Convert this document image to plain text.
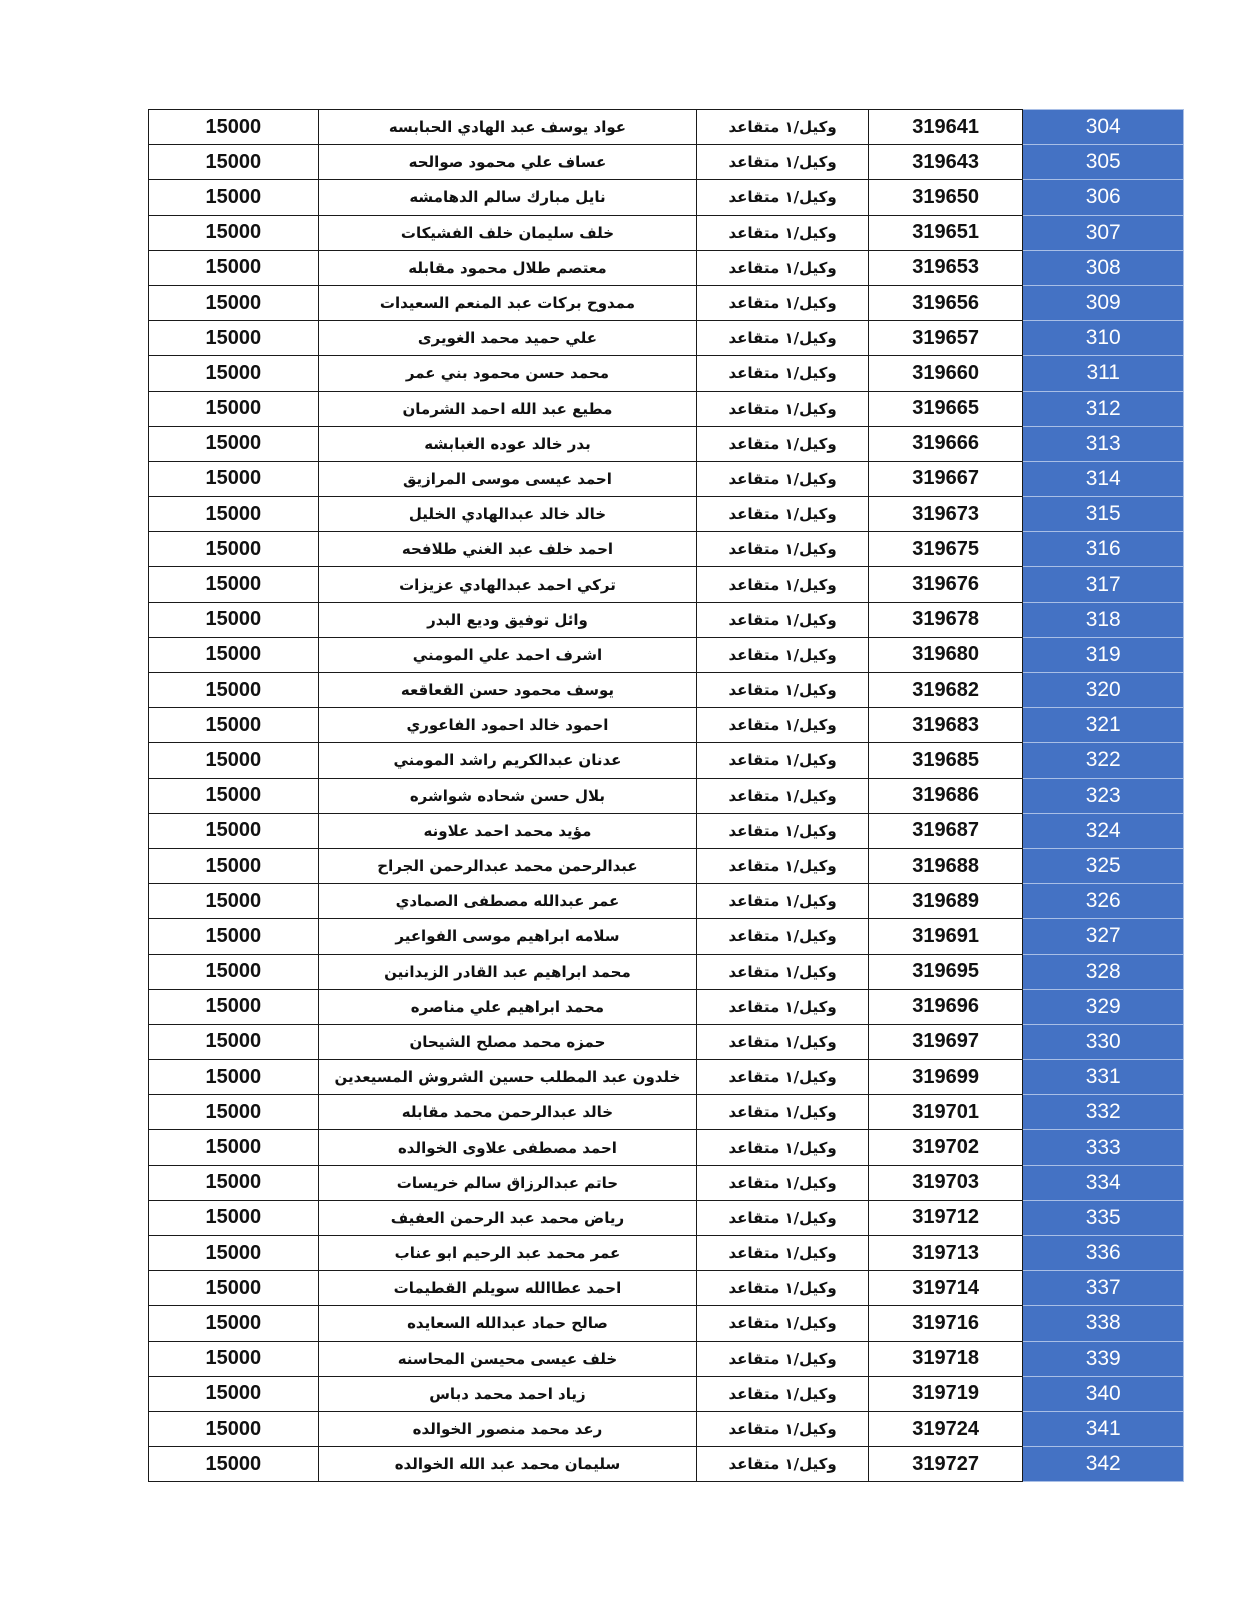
15000	عواد يوسف عبد الهادي الحبابسه	وكيل/١ متقاعد	319641	304
15000	عساف علي محمود صوالحه	وكيل/١ متقاعد	319643	305
15000	نايل مبارك سالم الدهامشه	وكيل/١ متقاعد	319650	306
15000	خلف سليمان خلف الفشيكات	وكيل/١ متقاعد	319651	307
15000	معتصم طلال محمود مقابله	وكيل/١ متقاعد	319653	308
15000	ممدوح بركات عبد المنعم السعيدات	وكيل/١ متقاعد	319656	309
15000	علي حميد محمد الغويرى	وكيل/١ متقاعد	319657	310
15000	محمد حسن محمود بني عمر	وكيل/١ متقاعد	319660	311
15000	مطيع عبد الله احمد الشرمان	وكيل/١ متقاعد	319665	312
15000	بدر خالد عوده الغبابشه	وكيل/١ متقاعد	319666	313
15000	احمد عيسى موسى المرازيق	وكيل/١ متقاعد	319667	314
15000	خالد خالد عبدالهادي الخليل	وكيل/١ متقاعد	319673	315
15000	احمد خلف عبد الغني طلافحه	وكيل/١ متقاعد	319675	316
15000	تركي احمد عبدالهادي عزيزات	وكيل/١ متقاعد	319676	317
15000	وائل توفيق وديع البدر	وكيل/١ متقاعد	319678	318
15000	اشرف احمد علي المومني	وكيل/١ متقاعد	319680	319
15000	يوسف محمود حسن القعاقعه	وكيل/١ متقاعد	319682	320
15000	احمود خالد احمود الفاعوري	وكيل/١ متقاعد	319683	321
15000	عدنان عبدالكريم راشد المومني	وكيل/١ متقاعد	319685	322
15000	بلال حسن شحاده شواشره	وكيل/١ متقاعد	319686	323
15000	مؤيد محمد احمد علاونه	وكيل/١ متقاعد	319687	324
15000	عبدالرحمن محمد عبدالرحمن الجراح	وكيل/١ متقاعد	319688	325
15000	عمر عبدالله مصطفى الصمادي	وكيل/١ متقاعد	319689	326
15000	سلامه ابراهيم موسى الفواعير	وكيل/١ متقاعد	319691	327
15000	محمد ابراهيم عبد القادر الزيدانين	وكيل/١ متقاعد	319695	328
15000	محمد ابراهيم علي مناصره	وكيل/١ متقاعد	319696	329
15000	حمزه محمد مصلح الشيحان	وكيل/١ متقاعد	319697	330
15000	خلدون عبد المطلب حسين الشروش المسيعدين	وكيل/١ متقاعد	319699	331
15000	خالد عبدالرحمن محمد مقابله	وكيل/١ متقاعد	319701	332
15000	احمد مصطفى علاوى الخوالده	وكيل/١ متقاعد	319702	333
15000	حاتم عبدالرزاق سالم خريسات	وكيل/١ متقاعد	319703	334
15000	رياض محمد عبد الرحمن العفيف	وكيل/١ متقاعد	319712	335
15000	عمر محمد عبد الرحيم ابو عناب	وكيل/١ متقاعد	319713	336
15000	احمد عطاالله سويلم القطيمات	وكيل/١ متقاعد	319714	337
15000	صالح حماد عبدالله السعايده	وكيل/١ متقاعد	319716	338
15000	خلف عيسى محيسن المحاسنه	وكيل/١ متقاعد	319718	339
15000	زياد احمد محمد دباس	وكيل/١ متقاعد	319719	340
15000	رعد محمد منصور الخوالده	وكيل/١ متقاعد	319724	341
15000	سليمان محمد عبد الله الخوالده	وكيل/١ متقاعد	319727	342
